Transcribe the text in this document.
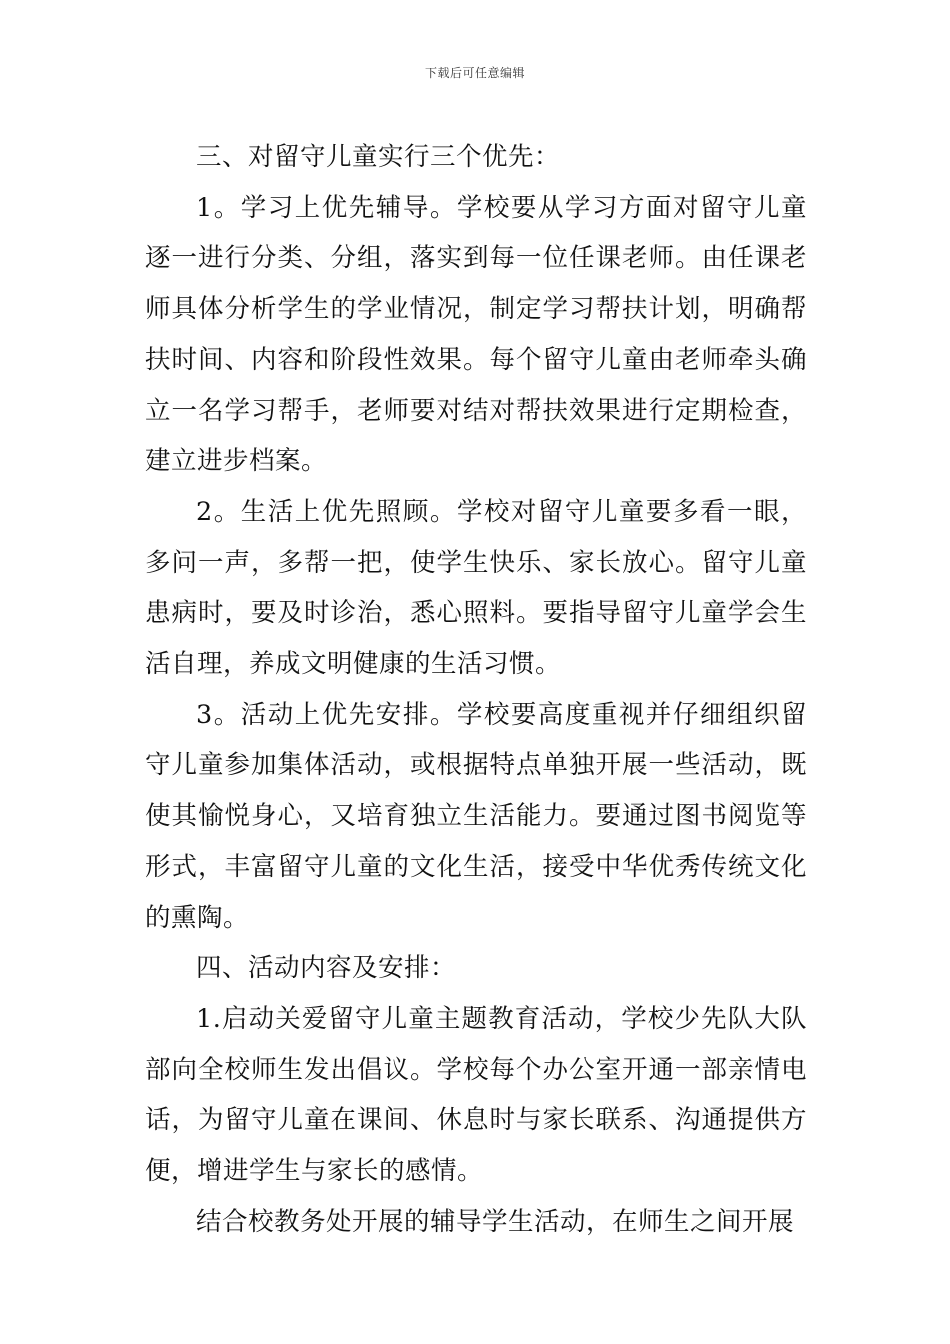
下载后可任意编辑

三、对留守儿童实行三个优先：

1。学习上优先辅导。学校要从学习方面对留守儿童逐一进行分类、分组，落实到每一位任课老师。由任课老师具体分析学生的学业情况，制定学习帮扶计划，明确帮扶时间、内容和阶段性效果。每个留守儿童由老师牵头确立一名学习帮手，老师要对结对帮扶效果进行定期检查，建立进步档案。

2。生活上优先照顾。学校对留守儿童要多看一眼，多问一声，多帮一把，使学生快乐、家长放心。留守儿童患病时，要及时诊治，悉心照料。要指导留守儿童学会生活自理，养成文明健康的生活习惯。

3。活动上优先安排。学校要高度重视并仔细组织留守儿童参加集体活动，或根据特点单独开展一些活动，既使其愉悦身心，又培育独立生活能力。要通过图书阅览等形式，丰富留守儿童的文化生活，接受中华优秀传统文化的熏陶。

四、活动内容及安排：

1.启动关爱留守儿童主题教育活动，学校少先队大队部向全校师生发出倡议。学校每个办公室开通一部亲情电话，为留守儿童在课间、休息时与家长联系、沟通提供方便，增进学生与家长的感情。

结合校教务处开展的辅导学生活动，在师生之间开展
